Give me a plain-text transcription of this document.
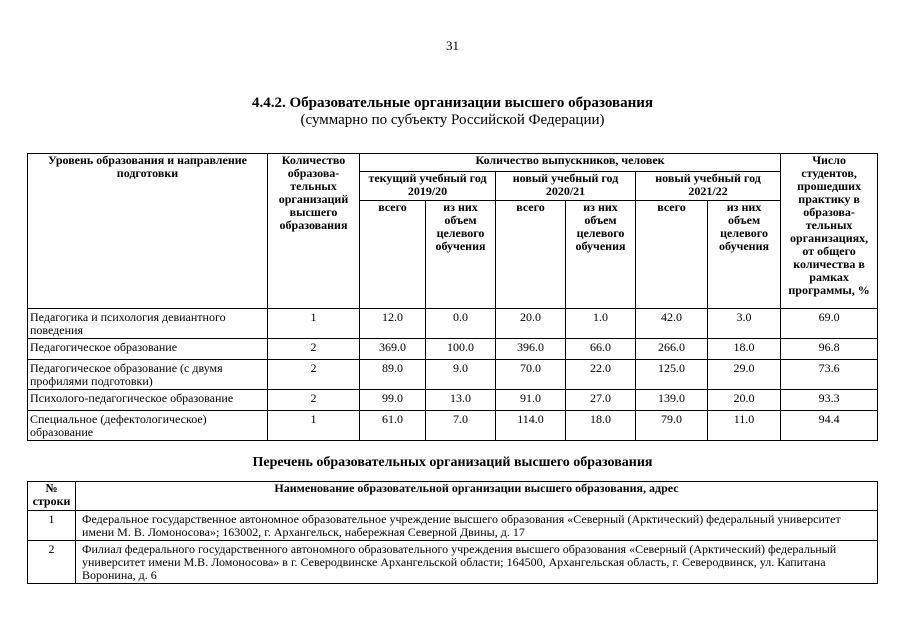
31
4.4.2. Образовательные организации высшего образования
(суммарно по субъекту Российской Федерации)
Уровень образования и направление подготовки	Количество образова-тельных организаций высшего образования	Количество выпускников, человек						Число студентов, прошедших практику в образова-тельных организациях, от общего количества в рамках программы, %
		текущий учебный год 2019/20		новый учебный год 2020/21		новый учебный год 2021/22		
		всего	из них объем целевого обучения	всего	из них объем целевого обучения	всего	из них объем целевого обучения	
Педагогика и психология девиантного поведения	1	12.0	0.0	20.0	1.0	42.0	3.0	69.0
Педагогическое образование	2	369.0	100.0	396.0	66.0	266.0	18.0	96.8
Педагогическое образование (с двумя профилями подготовки)	2	89.0	9.0	70.0	22.0	125.0	29.0	73.6
Психолого-педагогическое образование	2	99.0	13.0	91.0	27.0	139.0	20.0	93.3
Специальное (дефектологическое) образование	1	61.0	7.0	114.0	18.0	79.0	11.0	94.4
Перечень образовательных организаций высшего образования
№ строки	Наименование образовательной организации высшего образования, адрес
1	Федеральное государственное автономное образовательное учреждение высшего образования «Северный (Арктический) федеральный университет имени М. В. Ломоносова»; 163002, г. Архангельск, набережная Северной Двины, д. 17
2	Филиал федерального государственного автономного образовательного учреждения высшего образования «Северный (Арктический) федеральный университет имени М.В. Ломоносова» в г. Северодвинске Архангельской области; 164500, Архангельская область, г. Северодвинск, ул. Капитана Воронина, д. 6
